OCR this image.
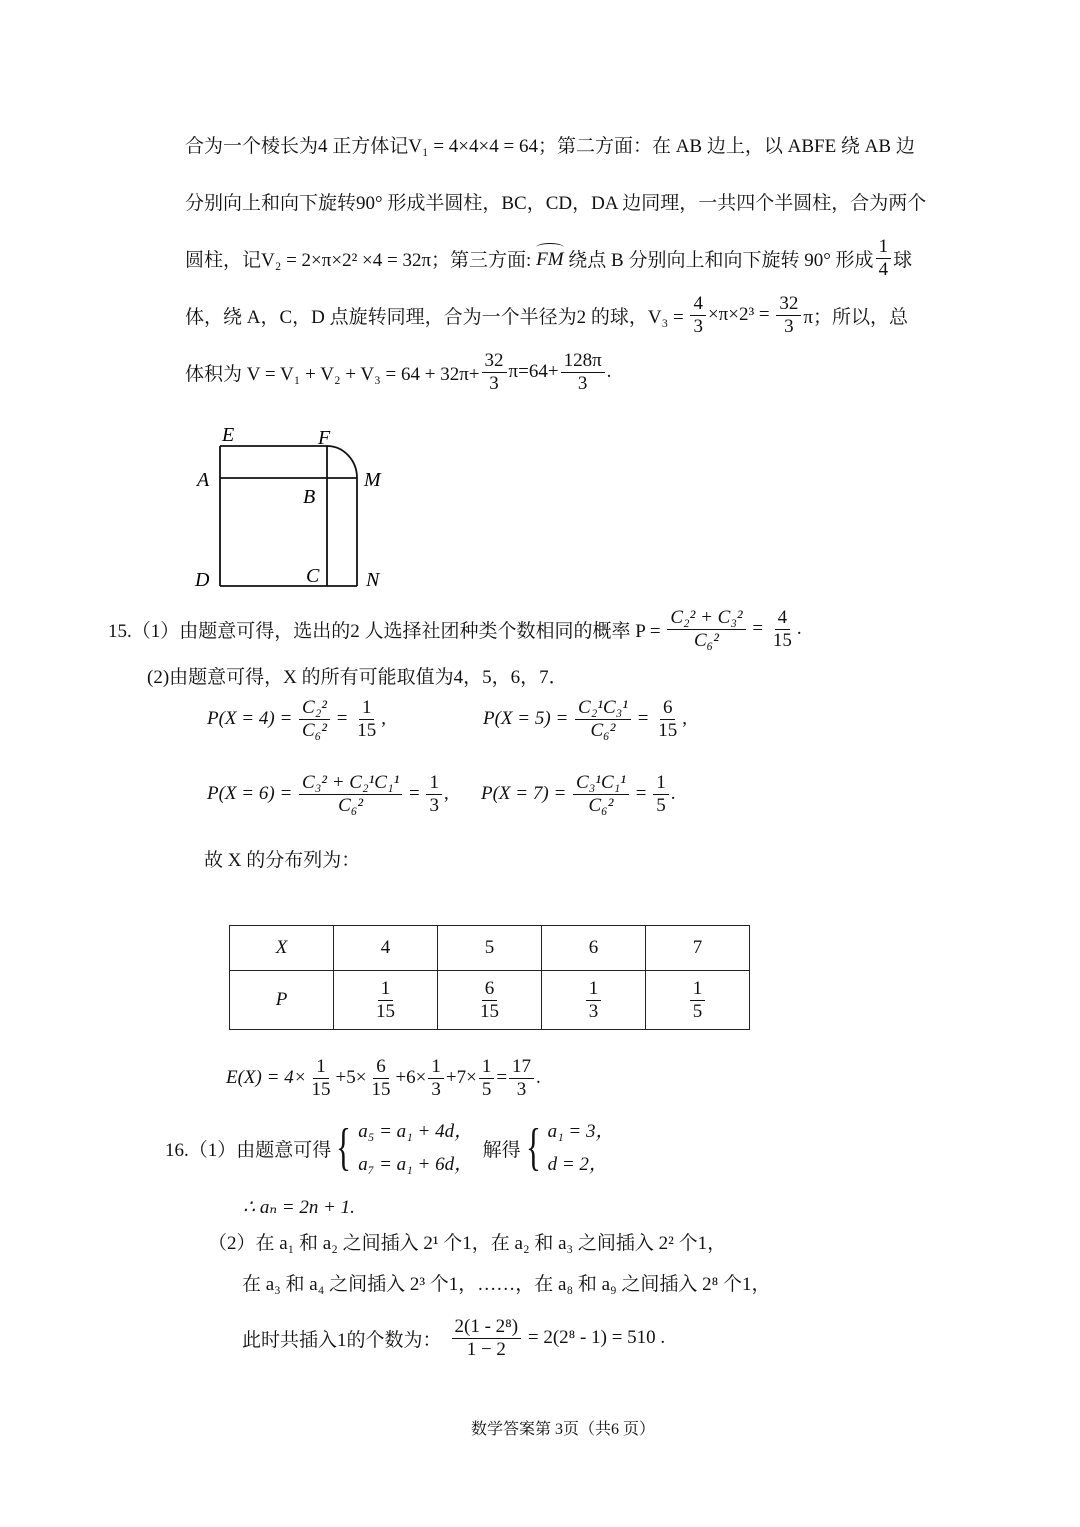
合为一个棱长为4 正方体记V₁ = 4×4×4 = 64；第二方面：在 AB 边上，以 ABFE 绕 AB 边
分别向上和向下旋转90° 形成半圆柱，BC，CD，DA 边同理，一共四个半圆柱，合为两个
圆柱，记V₂ = 2×π×2² ×4 = 32π；第三方面: FM 绕点 B 分别向上和向下旋转 90° 形成 $\frac{1}{4}$ 球
体，绕 A，C，D 点旋转同理，合为一个半径为2 的球，$V_3 = \frac{4}{3} \times\pi\times 2^3 = \frac{32}{3}$ π；所以，总
体积为 $V = V_1 + V_2 + V_3 = 64 + 32\pi+ \frac{32}{3} \pi=64+ \frac{128\pi}{3}$ .
E	F
A
B
M
D	C N
15.（1）由题意可得，选出的2 人选择社团种类个数相同的概率 $P = \frac{\text{C₂² + C₃²}}{\text{C₆²}} = \frac{4}{15}$ .
(2)由题意可得，X 的所有可能取值为4，5，6，7．
$P(X = 4) = \frac{\text{C₂²}}{\text{C₆²}} = \frac{1}{15}$ ,	$P(X = 5) = \frac{\text{C₂¹C₃¹}}{\text{C₆²}} = \frac{6}{15}$ ,
$P(X = 6) = \frac{\text{C₃² + C₂¹C₁¹}}{\text{C₆²}} = \frac{1}{3}$ , $P(X = 7) = \frac{\text{C₃¹C₁¹}}{\text{C₆²}} = \frac{1}{5}$ .
故 X 的分布列为：
X	4	5	6	7
P	$\frac{1}{15}$	$\frac{6}{15}$	$\frac{1}{3}$	$\frac{1}{5}$
$E(X) = 4\times \frac{1}{15} +5\times \frac{6}{15} +6\times \frac{1}{3} +7\times \frac{1}{5} = \frac{17}{3}$ .
16.（1）由题意可得 { a₅ = a₁ + 4d，
a₇ = a₁ + 6d，
解得 { a₁ = 3，
d = 2，
∴ aₙ = 2n + 1.
（2）在 a₁ 和 a₂ 之间插入 2¹ 个1，在 a₂ 和 a₃ 之间插入 2² 个1，
在 a₃ 和 a₄ 之间插入 2³ 个1，……，在 a₈ 和 a₉ 之间插入 2⁸ 个1，
此时共插入1的个数为： $\frac{\text{2(1 - 2⁸)}}{1 - 2} = 2(2^8 - 1) = 510$ .
数学答案第 3页（共6 页）
